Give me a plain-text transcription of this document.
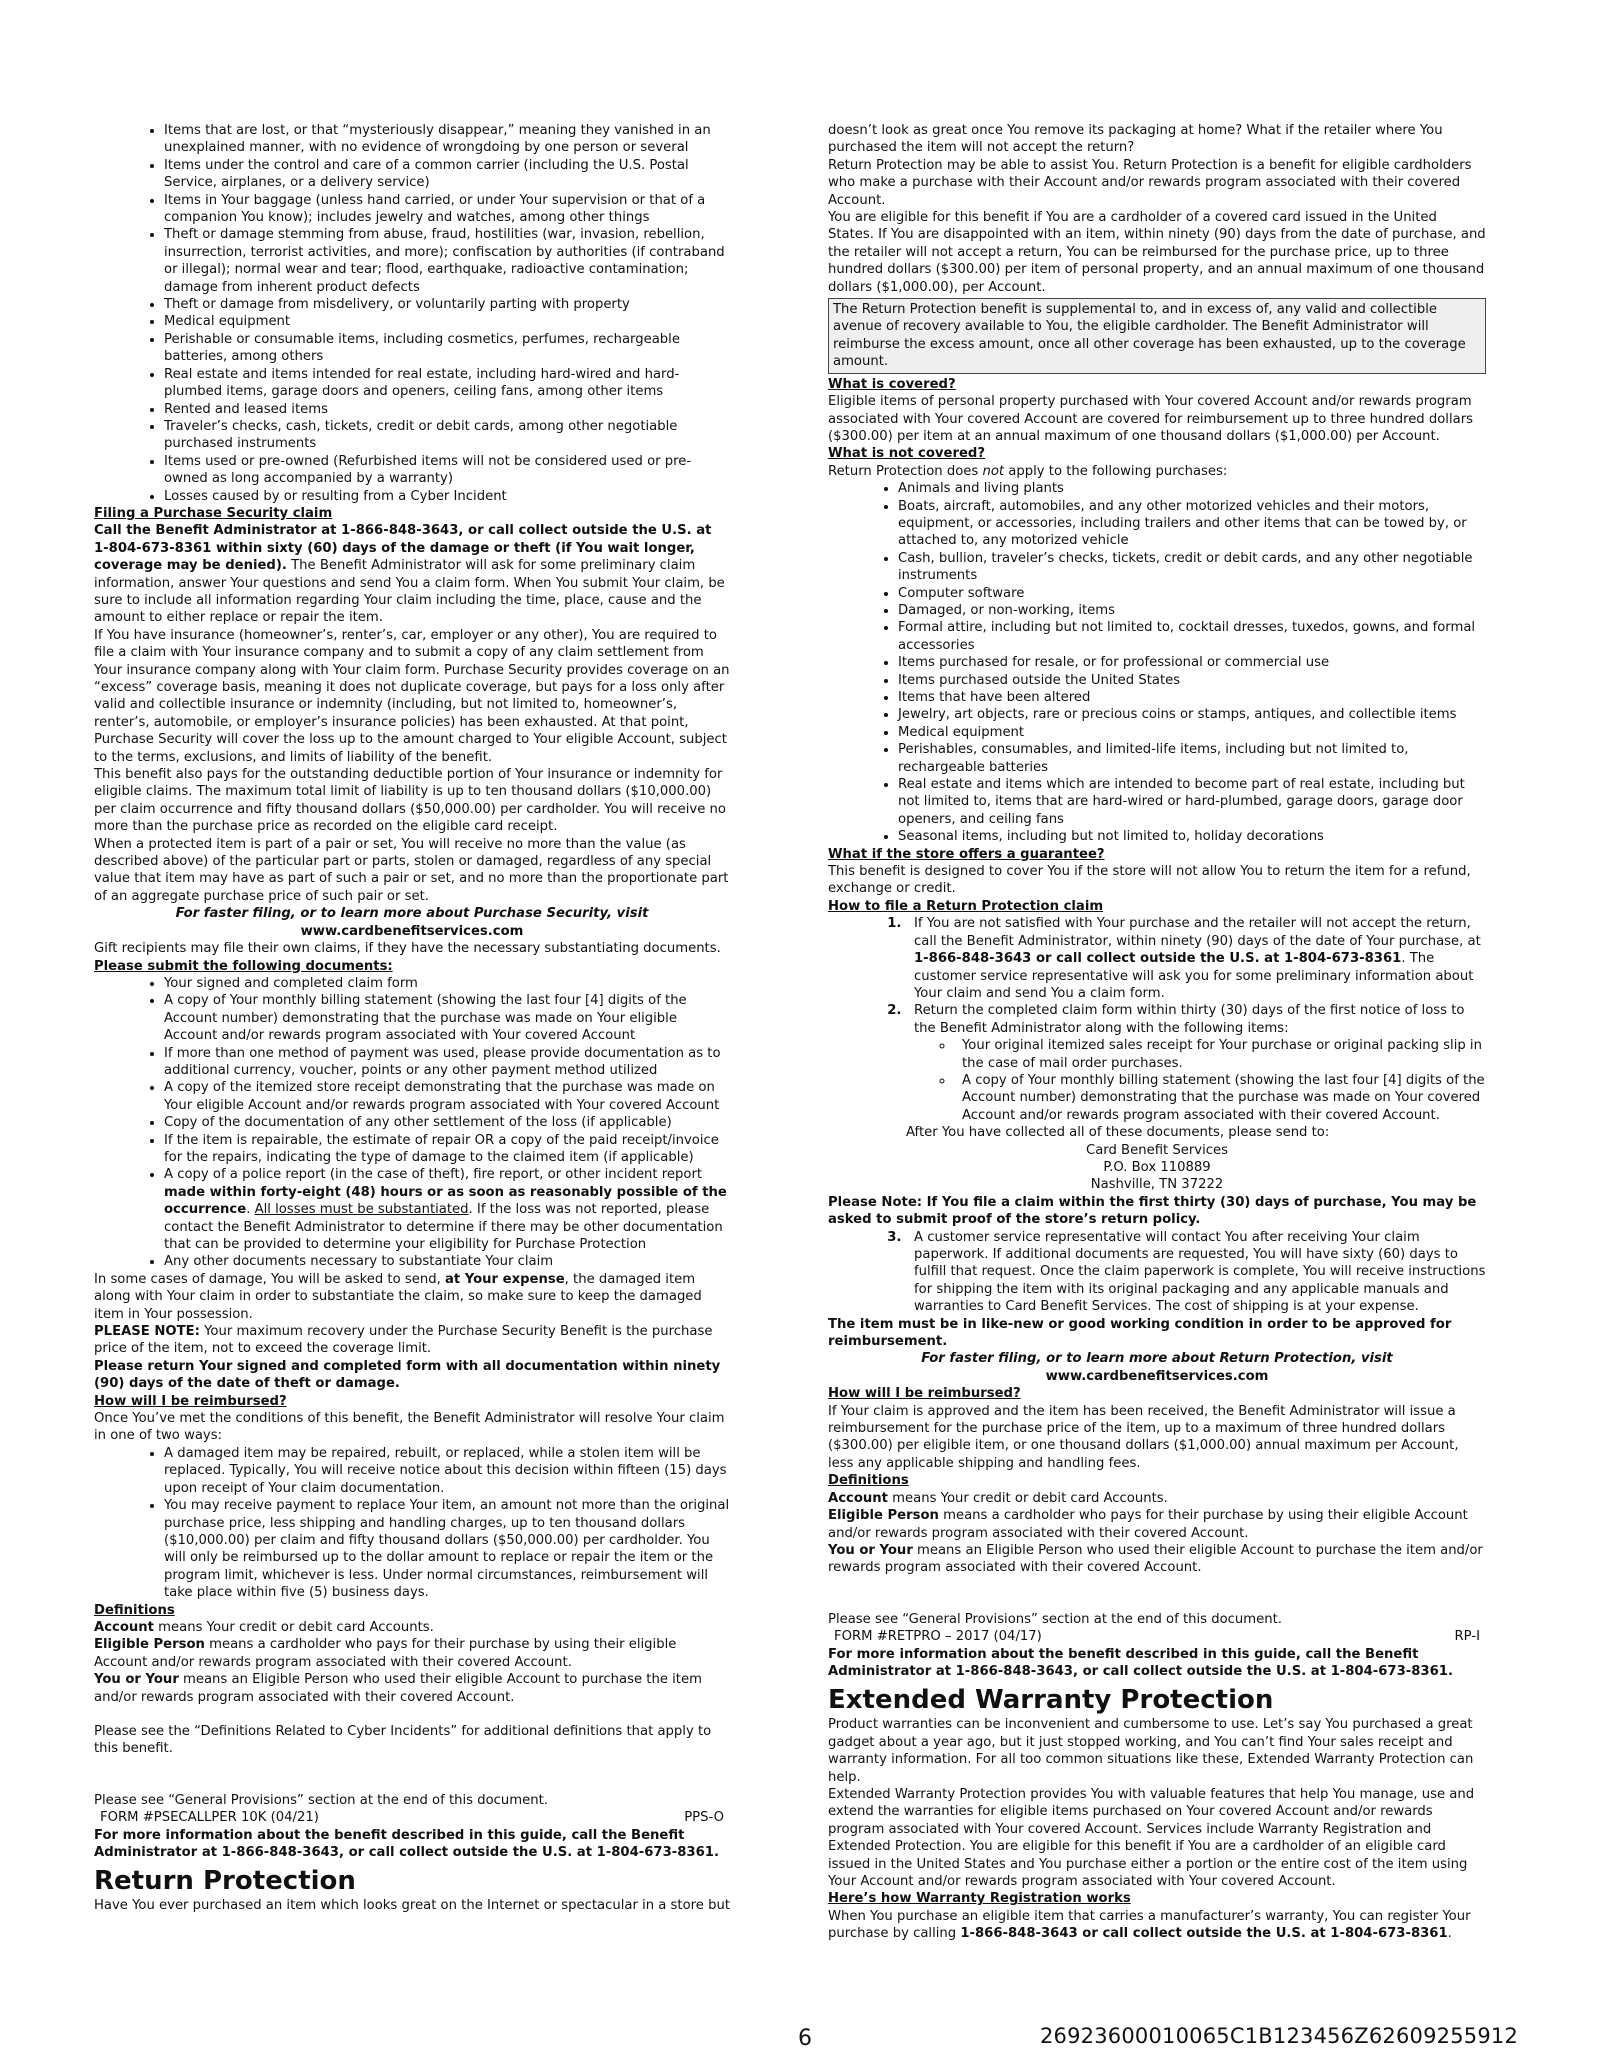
• Items that are lost, or that “mysteriously disappear,” meaning they vanished in an unexplained manner, with no evidence of wrongdoing by one person or several
• Items under the control and care of a common carrier (including the U.S. Postal Service, airplanes, or a delivery service)
• Items in Your baggage (unless hand carried, or under Your supervision or that of a companion You know); includes jewelry and watches, among other things
• Theft or damage stemming from abuse, fraud, hostilities (war, invasion, rebellion, insurrection, terrorist activities, and more); confiscation by authorities (if contraband or illegal); normal wear and tear; flood, earthquake, radioactive contamination; damage from inherent product defects
• Theft or damage from misdelivery, or voluntarily parting with property
• Medical equipment
• Perishable or consumable items, including cosmetics, perfumes, rechargeable batteries, among others
• Real estate and items intended for real estate, including hard-wired and hard-plumbed items, garage doors and openers, ceiling fans, among other items
• Rented and leased items
• Traveler’s checks, cash, tickets, credit or debit cards, among other negotiable purchased instruments
• Items used or pre-owned (Refurbished items will not be considered used or pre-owned as long accompanied by a warranty)
• Losses caused by or resulting from a Cyber Incident

Filing a Purchase Security claim

Call the Benefit Administrator at 1-866-848-3643, or call collect outside the U.S. at 1-804-673-8361 within sixty (60) days of the damage or theft (if You wait longer, coverage may be denied). The Benefit Administrator will ask for some preliminary claim information, answer Your questions and send You a claim form. When You submit Your claim, be sure to include all information regarding Your claim including the time, place, cause and the amount to either replace or repair the item.

If You have insurance (homeowner’s, renter’s, car, employer or any other), You are required to file a claim with Your insurance company and to submit a copy of any claim settlement from Your insurance company along with Your claim form. Purchase Security provides coverage on an “excess” coverage basis, meaning it does not duplicate coverage, but pays for a loss only after valid and collectible insurance or indemnity (including, but not limited to, homeowner’s, renter’s, automobile, or employer’s insurance policies) has been exhausted. At that point, Purchase Security will cover the loss up to the amount charged to Your eligible Account, subject to the terms, exclusions, and limits of liability of the benefit.

This benefit also pays for the outstanding deductible portion of Your insurance or indemnity for eligible claims. The maximum total limit of liability is up to ten thousand dollars ($10,000.00) per claim occurrence and fifty thousand dollars ($50,000.00) per cardholder. You will receive no more than the purchase price as recorded on the eligible card receipt.

When a protected item is part of a pair or set, You will receive no more than the value (as described above) of the particular part or parts, stolen or damaged, regardless of any special value that item may have as part of such a pair or set, and no more than the proportionate part of an aggregate purchase price of such pair or set.

For faster filing, or to learn more about Purchase Security, visit

www.cardbenefitservices.com

Gift recipients may file their own claims, if they have the necessary substantiating documents.

Please submit the following documents:

• Your signed and completed claim form
• A copy of Your monthly billing statement (showing the last four [4] digits of the Account number) demonstrating that the purchase was made on Your eligible Account and/or rewards program associated with Your covered Account
• If more than one method of payment was used, please provide documentation as to additional currency, voucher, points or any other payment method utilized
• A copy of the itemized store receipt demonstrating that the purchase was made on Your eligible Account and/or rewards program associated with Your covered Account
• Copy of the documentation of any other settlement of the loss (if applicable)
• If the item is repairable, the estimate of repair OR a copy of the paid receipt/invoice for the repairs, indicating the type of damage to the claimed item (if applicable)
• A copy of a police report (in the case of theft), fire report, or other incident report made within forty-eight (48) hours or as soon as reasonably possible of the occurrence. All losses must be substantiated. If the loss was not reported, please contact the Benefit Administrator to determine if there may be other documentation that can be provided to determine your eligibility for Purchase Protection
• Any other documents necessary to substantiate Your claim

In some cases of damage, You will be asked to send, at Your expense, the damaged item along with Your claim in order to substantiate the claim, so make sure to keep the damaged item in Your possession.

PLEASE NOTE: Your maximum recovery under the Purchase Security Benefit is the purchase price of the item, not to exceed the coverage limit.

Please return Your signed and completed form with all documentation within ninety (90) days of the date of theft or damage.

How will I be reimbursed?

Once You’ve met the conditions of this benefit, the Benefit Administrator will resolve Your claim in one of two ways:

• A damaged item may be repaired, rebuilt, or replaced, while a stolen item will be replaced. Typically, You will receive notice about this decision within fifteen (15) days upon receipt of Your claim documentation.
• You may receive payment to replace Your item, an amount not more than the original purchase price, less shipping and handling charges, up to ten thousand dollars ($10,000.00) per claim and fifty thousand dollars ($50,000.00) per cardholder. You will only be reimbursed up to the dollar amount to replace or repair the item or the program limit, whichever is less. Under normal circumstances, reimbursement will take place within five (5) business days.

Definitions

Account means Your credit or debit card Accounts.

Eligible Person means a cardholder who pays for their purchase by using their eligible Account and/or rewards program associated with their covered Account.

You or Your means an Eligible Person who used their eligible Account to purchase the item and/or rewards program associated with their covered Account.

Please see the “Definitions Related to Cyber Incidents” for additional definitions that apply to this benefit.

Please see “General Provisions” section at the end of this document.

FORM #PSECALLPER 10K (04/21)	PPS-O

For more information about the benefit described in this guide, call the Benefit Administrator at 1-866-848-3643, or call collect outside the U.S. at 1-804-673-8361.

Return Protection

Have You ever purchased an item which looks great on the Internet or spectacular in a store but

doesn’t look as great once You remove its packaging at home? What if the retailer where You purchased the item will not accept the return?

Return Protection may be able to assist You. Return Protection is a benefit for eligible cardholders who make a purchase with their Account and/or rewards program associated with their covered Account.

You are eligible for this benefit if You are a cardholder of a covered card issued in the United States. If You are disappointed with an item, within ninety (90) days from the date of purchase, and the retailer will not accept a return, You can be reimbursed for the purchase price, up to three hundred dollars ($300.00) per item of personal property, and an annual maximum of one thousand dollars ($1,000.00), per Account.

The Return Protection benefit is supplemental to, and in excess of, any valid and collectible avenue of recovery available to You, the eligible cardholder. The Benefit Administrator will reimburse the excess amount, once all other coverage has been exhausted, up to the coverage amount.

What is covered?

Eligible items of personal property purchased with Your covered Account and/or rewards program associated with Your covered Account are covered for reimbursement up to three hundred dollars ($300.00) per item at an annual maximum of one thousand dollars ($1,000.00) per Account.

What is not covered?

Return Protection does not apply to the following purchases:

• Animals and living plants
• Boats, aircraft, automobiles, and any other motorized vehicles and their motors, equipment, or accessories, including trailers and other items that can be towed by, or attached to, any motorized vehicle
• Cash, bullion, traveler’s checks, tickets, credit or debit cards, and any other negotiable instruments
• Computer software
• Damaged, or non-working, items
• Formal attire, including but not limited to, cocktail dresses, tuxedos, gowns, and formal accessories
• Items purchased for resale, or for professional or commercial use
• Items purchased outside the United States
• Items that have been altered
• Jewelry, art objects, rare or precious coins or stamps, antiques, and collectible items
• Medical equipment
• Perishables, consumables, and limited-life items, including but not limited to, rechargeable batteries
• Real estate and items which are intended to become part of real estate, including but not limited to, items that are hard-wired or hard-plumbed, garage doors, garage door openers, and ceiling fans
• Seasonal items, including but not limited to, holiday decorations

What if the store offers a guarantee?

This benefit is designed to cover You if the store will not allow You to return the item for a refund, exchange or credit.

How to file a Return Protection claim

1. If You are not satisfied with Your purchase and the retailer will not accept the return, call the Benefit Administrator, within ninety (90) days of the date of Your purchase, at 1-866-848-3643 or call collect outside the U.S. at 1-804-673-8361. The customer service representative will ask you for some preliminary information about Your claim and send You a claim form.
2. Return the completed claim form within thirty (30) days of the first notice of loss to the Benefit Administrator along with the following items:
◦ Your original itemized sales receipt for Your purchase or original packing slip in the case of mail order purchases.
◦ A copy of Your monthly billing statement (showing the last four [4] digits of the Account number) demonstrating that the purchase was made on Your covered Account and/or rewards program associated with their covered Account.

After You have collected all of these documents, please send to:

Card Benefit Services
P.O. Box 110889
Nashville, TN 37222

Please Note: If You file a claim within the first thirty (30) days of purchase, You may be asked to submit proof of the store’s return policy.

3. A customer service representative will contact You after receiving Your claim paperwork. If additional documents are requested, You will have sixty (60) days to fulfill that request. Once the claim paperwork is complete, You will receive instructions for shipping the item with its original packaging and any applicable manuals and warranties to Card Benefit Services. The cost of shipping is at your expense.

The item must be in like-new or good working condition in order to be approved for reimbursement.

For faster filing, or to learn more about Return Protection, visit

www.cardbenefitservices.com

How will I be reimbursed?

If Your claim is approved and the item has been received, the Benefit Administrator will issue a reimbursement for the purchase price of the item, up to a maximum of three hundred dollars ($300.00) per eligible item, or one thousand dollars ($1,000.00) annual maximum per Account, less any applicable shipping and handling fees.

Definitions

Account means Your credit or debit card Accounts.

Eligible Person means a cardholder who pays for their purchase by using their eligible Account and/or rewards program associated with their covered Account.

You or Your means an Eligible Person who used their eligible Account to purchase the item and/or rewards program associated with their covered Account.

Please see “General Provisions” section at the end of this document.

FORM #RETPRO – 2017 (04/17)	RP-I

For more information about the benefit described in this guide, call the Benefit Administrator at 1-866-848-3643, or call collect outside the U.S. at 1-804-673-8361.

Extended Warranty Protection

Product warranties can be inconvenient and cumbersome to use. Let’s say You purchased a great gadget about a year ago, but it just stopped working, and You can’t find Your sales receipt and warranty information. For all too common situations like these, Extended Warranty Protection can help.

Extended Warranty Protection provides You with valuable features that help You manage, use and extend the warranties for eligible items purchased on Your covered Account and/or rewards program associated with Your covered Account. Services include Warranty Registration and Extended Protection. You are eligible for this benefit if You are a cardholder of an eligible card issued in the United States and You purchase either a portion or the entire cost of the item using Your Account and/or rewards program associated with Your covered Account.

Here’s how Warranty Registration works

When You purchase an eligible item that carries a manufacturer’s warranty, You can register Your purchase by calling 1-866-848-3643 or call collect outside the U.S. at 1-804-673-8361.

6	26923600010065C1B123456Z62609255912
